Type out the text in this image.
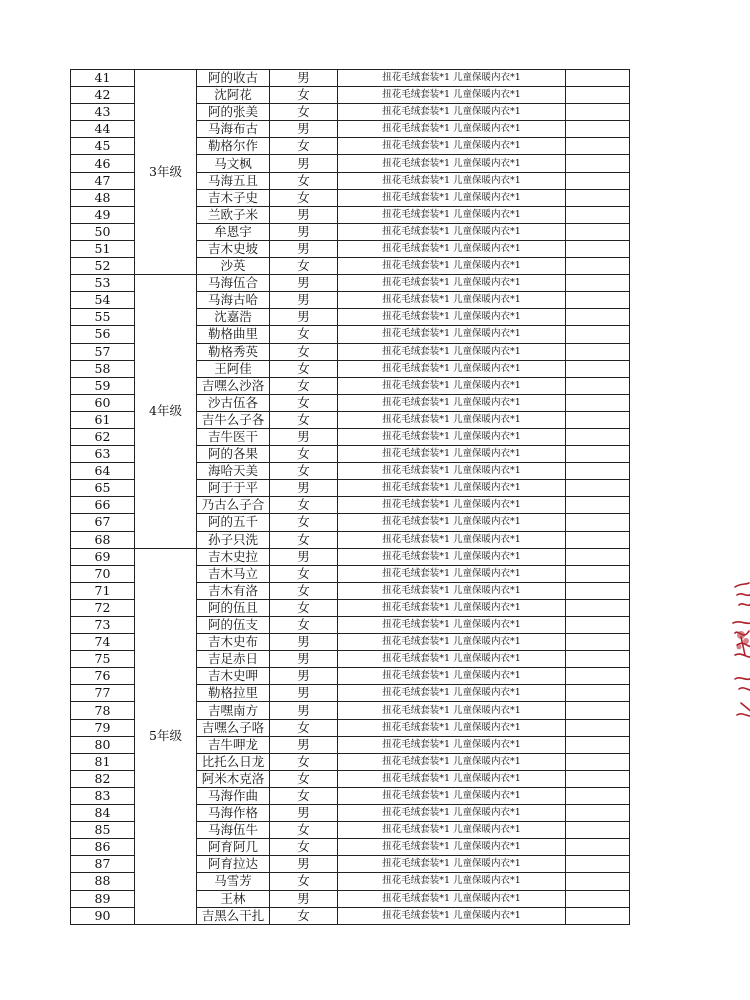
41	3年级	阿的收古	男	扭花毛绒套装*1 儿童保暖内衣*1	
42		沈阿花	女	扭花毛绒套装*1 儿童保暖内衣*1	
43		阿的张美	女	扭花毛绒套装*1 儿童保暖内衣*1	
44		马海布古	男	扭花毛绒套装*1 儿童保暖内衣*1	
45		勒格尔作	女	扭花毛绒套装*1 儿童保暖内衣*1	
46		马文枫	男	扭花毛绒套装*1 儿童保暖内衣*1	
47		马海五且	女	扭花毛绒套装*1 儿童保暖内衣*1	
48		吉木子史	女	扭花毛绒套装*1 儿童保暖内衣*1	
49		兰欧子米	男	扭花毛绒套装*1 儿童保暖内衣*1	
50		牟恩宇	男	扭花毛绒套装*1 儿童保暖内衣*1	
51		吉木史坡	男	扭花毛绒套装*1 儿童保暖内衣*1	
52		沙英	女	扭花毛绒套装*1 儿童保暖内衣*1	
53	4年级	马海伍合	男	扭花毛绒套装*1 儿童保暖内衣*1	
54		马海古哈	男	扭花毛绒套装*1 儿童保暖内衣*1	
55		沈嘉浩	男	扭花毛绒套装*1 儿童保暖内衣*1	
56		勒格曲里	女	扭花毛绒套装*1 儿童保暖内衣*1	
57		勒格秀英	女	扭花毛绒套装*1 儿童保暖内衣*1	
58		王阿佳	女	扭花毛绒套装*1 儿童保暖内衣*1	
59		吉嘿么沙洛	女	扭花毛绒套装*1 儿童保暖内衣*1	
60		沙古伍各	女	扭花毛绒套装*1 儿童保暖内衣*1	
61		吉牛么子各	女	扭花毛绒套装*1 儿童保暖内衣*1	
62		吉牛医干	男	扭花毛绒套装*1 儿童保暖内衣*1	
63		阿的各果	女	扭花毛绒套装*1 儿童保暖内衣*1	
64		海哈天美	女	扭花毛绒套装*1 儿童保暖内衣*1	
65		阿于于平	男	扭花毛绒套装*1 儿童保暖内衣*1	
66		乃古么子合	女	扭花毛绒套装*1 儿童保暖内衣*1	
67		阿的五千	女	扭花毛绒套装*1 儿童保暖内衣*1	
68		孙子只洗	女	扭花毛绒套装*1 儿童保暖内衣*1	
69	5年级	吉木史拉	男	扭花毛绒套装*1 儿童保暖内衣*1	
70		吉木马立	女	扭花毛绒套装*1 儿童保暖内衣*1	
71		吉木有洛	女	扭花毛绒套装*1 儿童保暖内衣*1	
72		阿的伍且	女	扭花毛绒套装*1 儿童保暖内衣*1	
73		阿的伍支	女	扭花毛绒套装*1 儿童保暖内衣*1	
74		吉木史布	男	扭花毛绒套装*1 儿童保暖内衣*1	
75		吉足赤日	男	扭花毛绒套装*1 儿童保暖内衣*1	
76		吉木史呷	男	扭花毛绒套装*1 儿童保暖内衣*1	
77		勒格拉里	男	扭花毛绒套装*1 儿童保暖内衣*1	
78		吉嘿南方	男	扭花毛绒套装*1 儿童保暖内衣*1	
79		吉嘿么子咯	女	扭花毛绒套装*1 儿童保暖内衣*1	
80		吉牛呷龙	男	扭花毛绒套装*1 儿童保暖内衣*1	
81		比托么日龙	女	扭花毛绒套装*1 儿童保暖内衣*1	
82		阿米木克洛	女	扭花毛绒套装*1 儿童保暖内衣*1	
83		马海作曲	女	扭花毛绒套装*1 儿童保暖内衣*1	
84		马海作格	男	扭花毛绒套装*1 儿童保暖内衣*1	
85		马海伍牛	女	扭花毛绒套装*1 儿童保暖内衣*1	
86		阿育阿几	女	扭花毛绒套装*1 儿童保暖内衣*1	
87		阿育拉达	男	扭花毛绒套装*1 儿童保暖内衣*1	
88		马雪芳	女	扭花毛绒套装*1 儿童保暖内衣*1	
89		王林	男	扭花毛绒套装*1 儿童保暖内衣*1	
90		吉黑么干扎	女	扭花毛绒套装*1 儿童保暖内衣*1	
